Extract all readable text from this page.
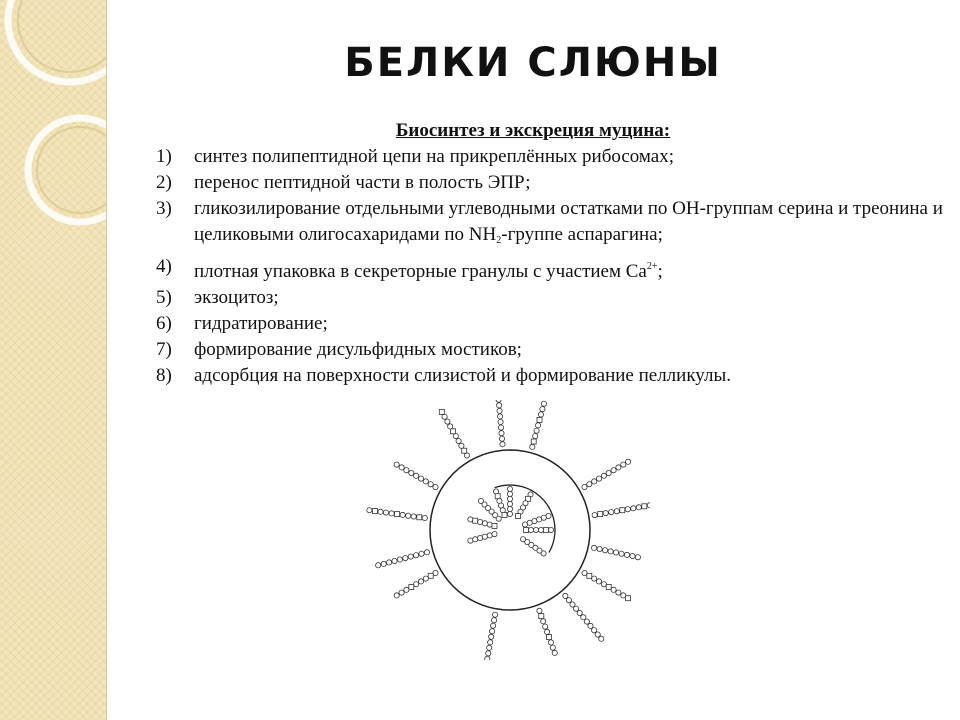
БЕЛКИ СЛЮНЫ
Биосинтез и экскреция муцина:
1) синтез полипептидной цепи на прикреплённых рибосомах;
2) перенос пептидной части в полость ЭПР;
3) гликозилирование отдельными углеводными остатками по ОН-группам серина и треонина и целиковыми олигосахаридами по $NH_2$-группе аспарагина;
4) плотная упаковка в секреторные гранулы с участием $Са^{2+}$;
5) экзоцитоз;
6) гидратирование;
7) формирование дисульфидных мостиков;
8) адсорбция на поверхности слизистой и формирование пелликулы.
